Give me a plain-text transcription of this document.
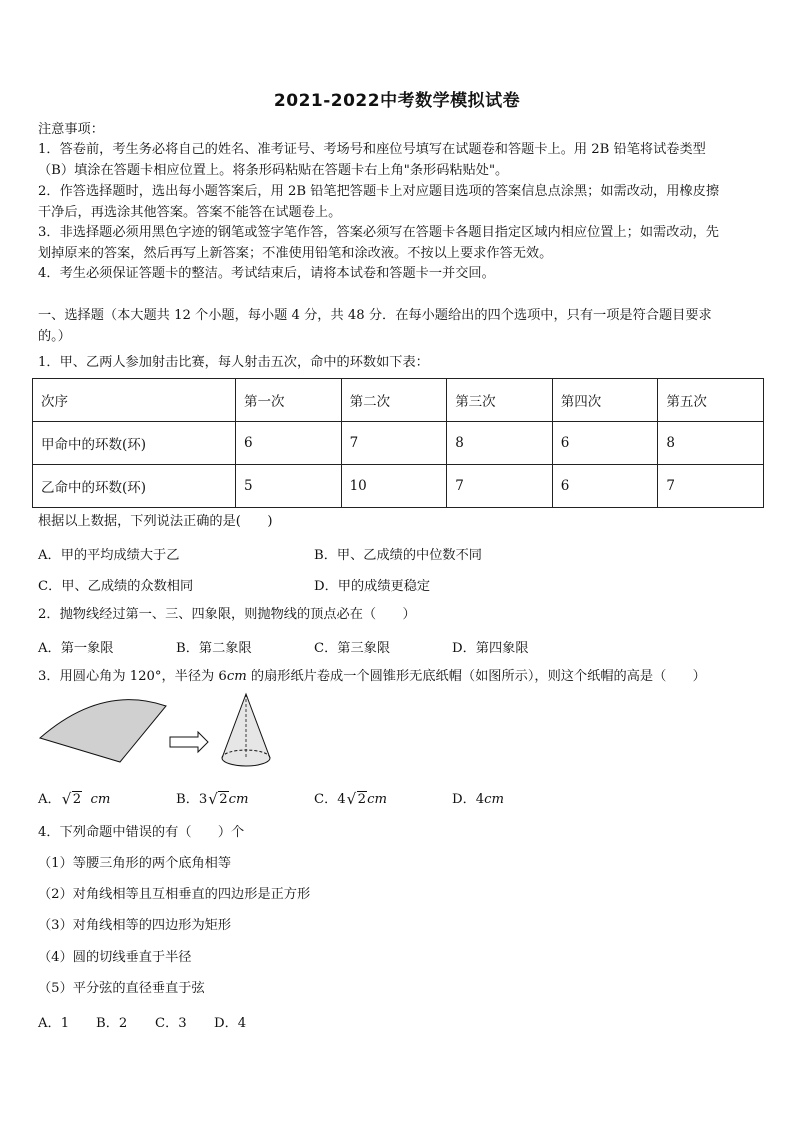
2021-2022中考数学模拟试卷
注意事项：
1．答卷前，考生务必将自己的姓名、准考证号、考场号和座位号填写在试题卷和答题卡上。用 2B 铅笔将试卷类型
（B）填涂在答题卡相应位置上。将条形码粘贴在答题卡右上角"条形码粘贴处"。
2．作答选择题时，选出每小题答案后，用 2B 铅笔把答题卡上对应题目选项的答案信息点涂黑；如需改动，用橡皮擦
干净后，再选涂其他答案。答案不能答在试题卷上。
3．非选择题必须用黑色字迹的钢笔或签字笔作答，答案必须写在答题卡各题目指定区域内相应位置上；如需改动，先
划掉原来的答案，然后再写上新答案；不准使用铅笔和涂改液。不按以上要求作答无效。
4．考生必须保证答题卡的整洁。考试结束后，请将本试卷和答题卡一并交回。
一、选择题（本大题共 12 个小题，每小题 4 分，共 48 分．在每小题给出的四个选项中，只有一项是符合题目要求
的。）
1．甲、乙两人参加射击比赛，每人射击五次，命中的环数如下表：
次序	第一次	第二次	第三次	第四次	第五次
甲命中的环数(环)	6	7	8	6	8
乙命中的环数(环)	5	10	7	6	7
根据以上数据，下列说法正确的是(　　)
A．甲的平均成绩大于乙	B．甲、乙成绩的中位数不同
C．甲、乙成绩的众数相同	D．甲的成绩更稳定
2．抛物线经过第一、三、四象限，则抛物线的顶点必在（　　）
A．第一象限	B．第二象限	C．第三象限	D．第四象限
3．用圆心角为 120°，半径为 6cm 的扇形纸片卷成一个圆锥形无底纸帽（如图所示），则这个纸帽的高是（　　）
A． √ 2 cm	B．3 √ 2cm	C．4 √ 2cm	D．4cm
4．下列命题中错误的有（　　）个
（1）等腰三角形的两个底角相等
（2）对角线相等且互相垂直的四边形是正方形
（3）对角线相等的四边形为矩形
（4）圆的切线垂直于半径
（5）平分弦的直径垂直于弦
A．1 B．2 C．3 D．4
